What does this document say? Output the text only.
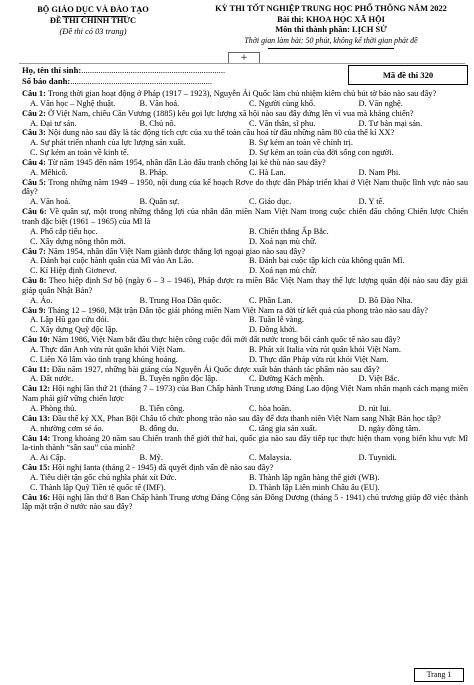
BỘ GIÁO DỤC VÀ ĐÀO TẠO
ĐỀ THI CHÍNH THỨC
(Đề thi có 03 trang)
KỲ THI TỐT NGHIỆP TRUNG HỌC PHỔ THÔNG NĂM 2022
Bài thi: KHOA HỌC XÃ HỘI
Môn thi thành phần: LỊCH SỬ
Thời gian làm bài: 50 phút, không kể thời gian phát đề
+
Họ, tên thí sinh:...................................................................
Số báo danh:..................................................................
Mã đề thi 320
Câu 1: Trong thời gian hoạt động ở Pháp (1917 – 1923), Nguyễn Ái Quốc làm chủ nhiệm kiêm chủ bút tờ báo nào sau đây?
A. Văn học – Nghệ thuật.	B. Văn hoá.	C. Người cùng khổ.	D. Văn nghệ.
Câu 2: Ở Việt Nam, chiếu Cần Vương (1885) kêu gọi lực lượng xã hội nào sau đây đứng lên vì vua mà kháng chiến?
A. Đại tư sản.	B. Chủ nô.	C. Văn thân, sĩ phu.	D. Tư bản mại sản.
Câu 3: Nội dung nào sau đây là tác động tích cực của xu thế toàn cầu hoá từ đầu những năm 80 của thế kỉ XX?
A. Sự phát triển nhanh của lực lượng sản xuất.	B. Sự kém an toàn về chính trị.
C. Sự kém an toàn về kinh tế.	D. Sự kém an toàn của đời sống con người.
Câu 4: Từ năm 1945 đến năm 1954, nhân dân Lào đấu tranh chống lại kẻ thù nào sau đây?
A. Mêhicô.	B. Pháp.	C. Hà Lan.	D. Nam Phi.
Câu 5: Trong những năm 1949 – 1950, nội dung của kế hoạch Rơve do thực dân Pháp triển khai ở Việt Nam thuộc lĩnh vực nào sau đây?
A. Văn hoá.	B. Quân sự.	C. Giáo dục.	D. Y tế.
Câu 6: Về quân sự, một trong những thắng lợi của nhân dân miền Nam Việt Nam trong cuộc chiến đấu chống Chiến lược Chiến tranh đặc biệt (1961 – 1965) của Mĩ là
A. Phố cắp tiểu học.	B. Chiến thắng Ấp Bắc.
C. Xây dựng nông thôn mới.	D. Xoá nạn mù chữ.
Câu 7: Năm 1954, nhân dân Việt Nam giành được thắng lợi ngoại giao nào sau đây?
A. Đánh bại cuộc hành quân của Mĩ vào An Lão.	B. Đánh bại cuộc tập kích của không quân Mĩ.
C. Kí Hiệp định Giơnevơ.	D. Xoá nạn mù chữ.
Câu 8: Theo hiệp định Sơ bộ (ngày 6 – 3 – 1946), Pháp được ra miền Bắc Việt Nam thay thế lực lượng quân đội nào sau đây giải giáp quân Nhật Bản?
A. Áo.	B. Trung Hoa Dân quốc.	C. Phần Lan.	D. Bồ Đào Nha.
Câu 9: Tháng 12 – 1960, Mặt trận Dân tộc giải phóng miền Nam Việt Nam ra đời từ kết quả của phong trào nào sau đây?
A. Lập Hũ gạo cứu đói.	B. Tuần lễ vàng.
C. Xây dựng Quỹ độc lập.	D. Đồng khởi.
Câu 10: Năm 1986, Việt Nam bắt đầu thực hiện công cuộc đổi mới đất nước trong bối cảnh quốc tế nào sau đây?
A. Thực dân Anh vừa rút quân khỏi Việt Nam.	B. Phát xít Italia vừa rút quân khỏi Việt Nam.
C. Liên Xô lâm vào tình trạng khủng hoảng.	D. Thực dân Pháp vừa rút khỏi Việt Nam.
Câu 11: Đầu năm 1927, những bài giảng của Nguyễn Ái Quốc được xuất bản thành tác phẩm nào sau đây?
A. Đất nước.	B. Tuyên ngôn độc lập.	C. Đường Kách mệnh.	D. Việt Bắc.
Câu 12: Hội nghị lần thứ 21 (tháng 7 – 1973) của Ban Chấp hành Trung ương Đảng Lao động Việt Nam nhấn mạnh cách mạng miền Nam phải giữ vững chiến lược
A. Phòng thủ.	B. Tiến công.	C. hòa hoãn.	D. rút lui.
Câu 13: Đầu thế kỷ XX, Phan Bội Châu tổ chức phong trào nào sau đây để đưa thanh niên Việt Nam sang Nhật Bản học tập?
A. nhường cơm sẻ áo.	B. đông du.	C. tăng gia sản xuất.	D. ngày đồng tâm.
Câu 14: Trong khoảng 20 năm sau Chiến tranh thế giới thứ hai, quốc gia nào sau đây tiếp tục thực hiện tham vọng biến khu vực Mĩ la-tinh thành “sân sau” của mình?
A. Ai Cập.	B. Mỹ.	C. Malaysia.	D. Tuynidi.
Câu 15: Hội nghị Ianta (tháng 2 - 1945) đã quyết định vấn đề nào sau đây?
A. Tiêu diệt tận gốc chủ nghĩa phát xít Đức.	B. Thành lập ngân hàng thế giới (WB).
C. Thành lập Quỹ Tiền tệ quốc tế (IMF).	D. Thành lập Liên minh Châu âu (EU).
Câu 16: Hội nghị lần thứ 8 Ban Chấp hành Trung ương Đảng Cộng sản Đông Dương (tháng 5 - 1941) chủ trương giúp đỡ việc thành lập mặt trận ở nước nào sau đây?
Trang 1
